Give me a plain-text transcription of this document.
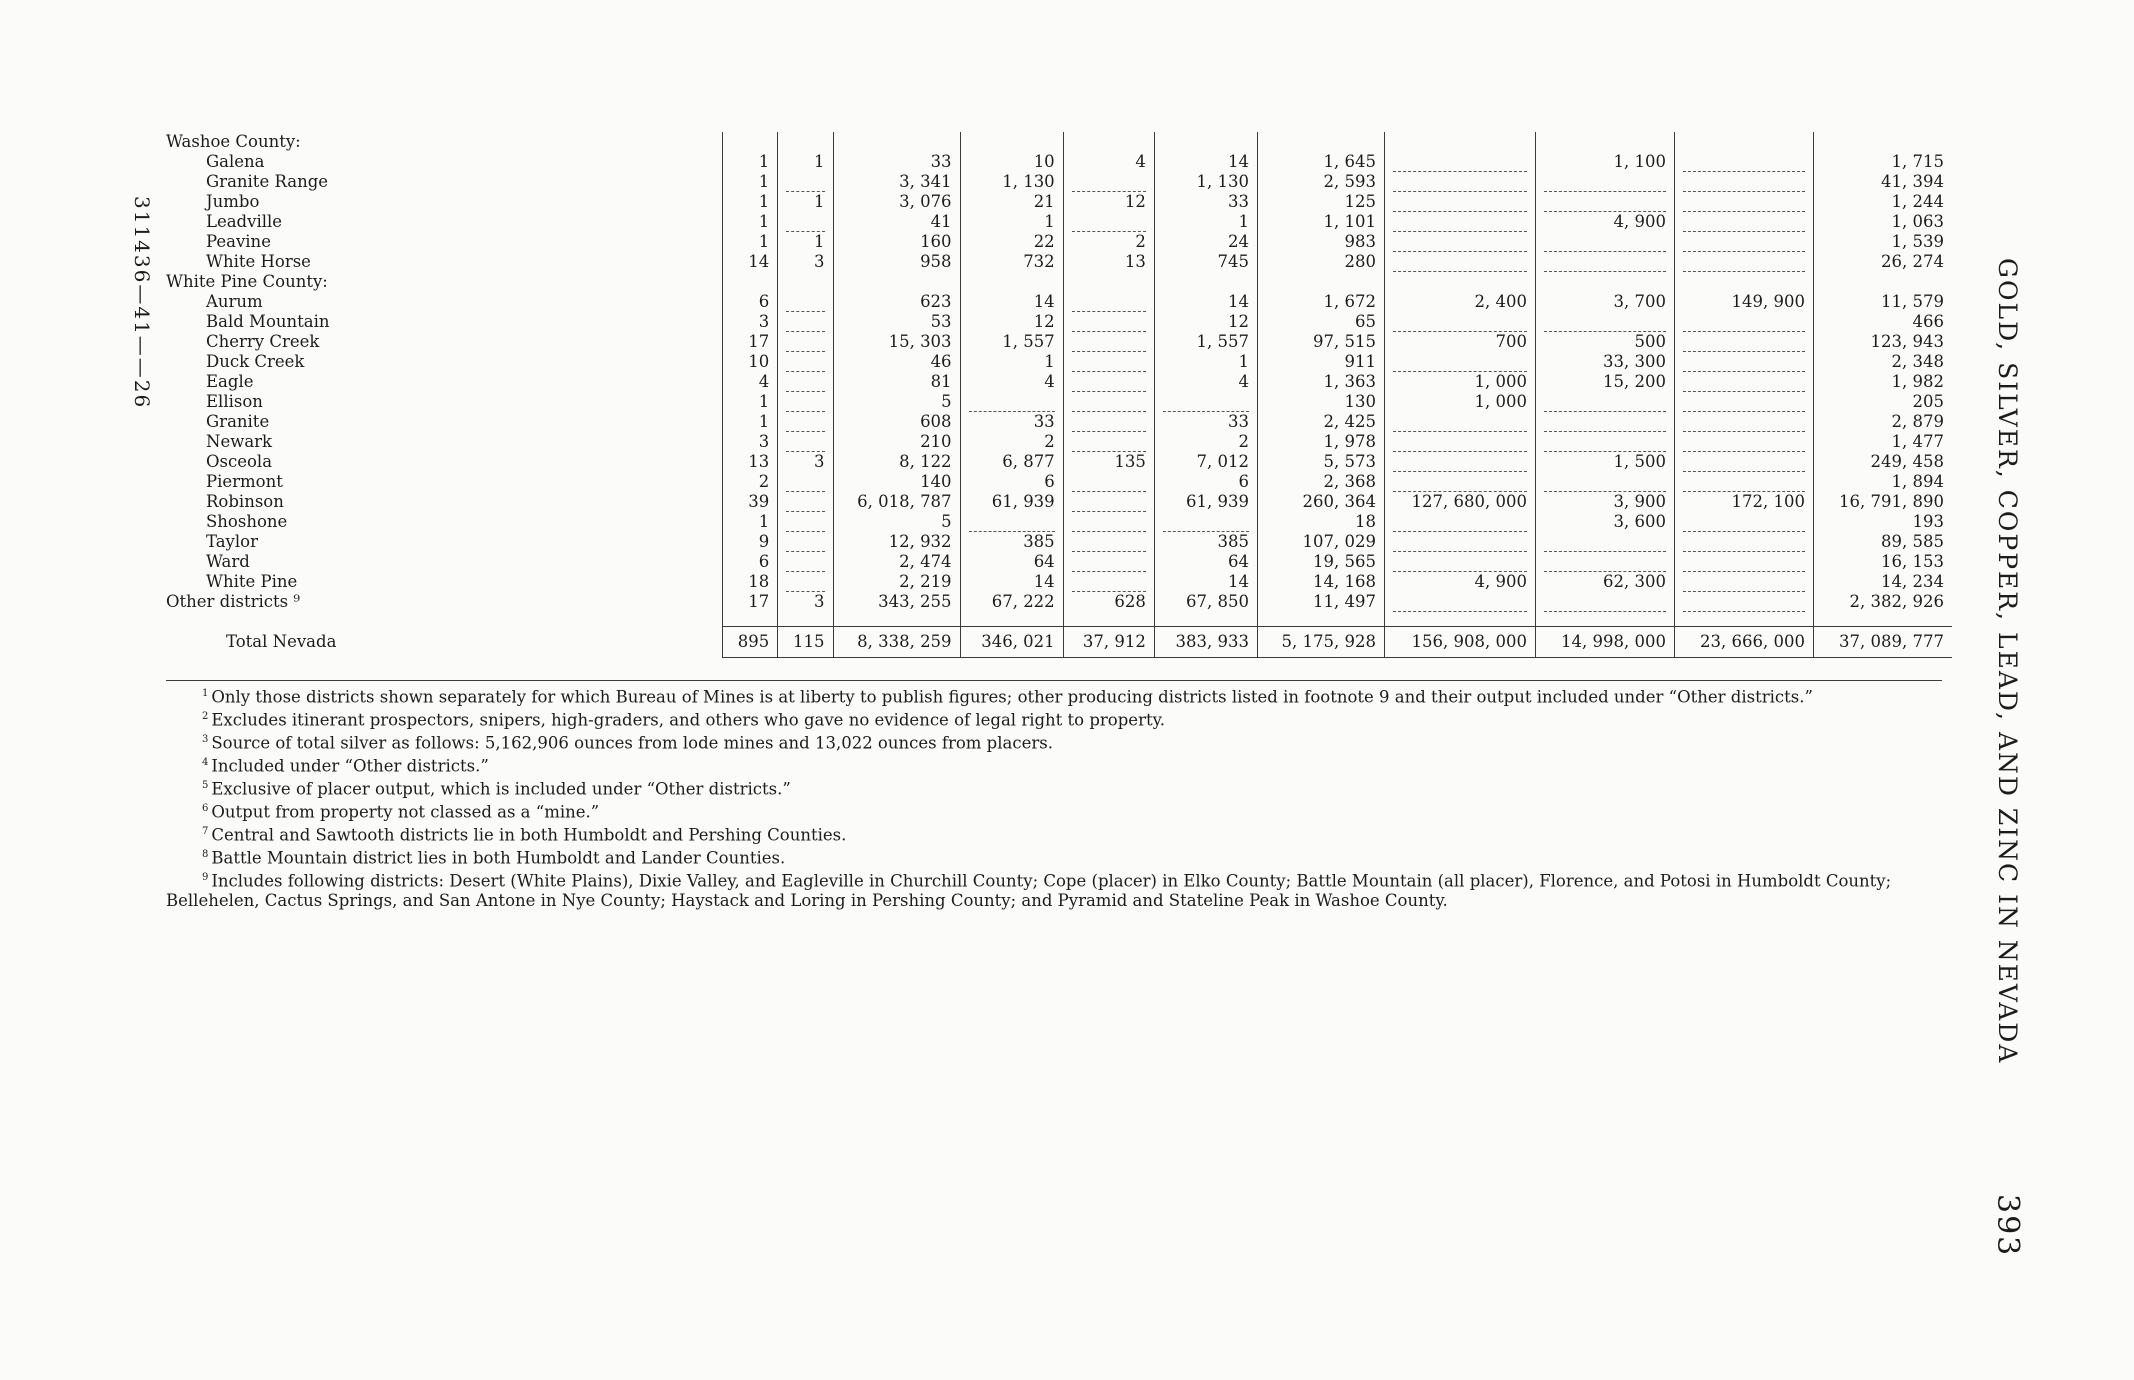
Washoe County:											
Galena	1	1	33	10	4	14	1, 645		1, 100		1, 715
Granite Range	1		3, 341	1, 130		1, 130	2, 593				41, 394
Jumbo	1	1	3, 076	21	12	33	125				1, 244
Leadville	1		41	1		1	1, 101		4, 900		1, 063
Peavine	1	1	160	22	2	24	983				1, 539
White Horse	14	3	958	732	13	745	280				26, 274
White Pine County:											
Aurum	6		623	14		14	1, 672	2, 400	3, 700	149, 900	11, 579
Bald Mountain	3		53	12		12	65				466
Cherry Creek	17		15, 303	1, 557		1, 557	97, 515	700	500		123, 943
Duck Creek	10		46	1		1	911		33, 300		2, 348
Eagle	4		81	4		4	1, 363	1, 000	15, 200		1, 982
Ellison	1		5				130	1, 000			205
Granite	1		608	33		33	2, 425				2, 879
Newark	3		210	2		2	1, 978				1, 477
Osceola	13	3	8, 122	6, 877	135	7, 012	5, 573		1, 500		249, 458
Piermont	2		140	6		6	2, 368				1, 894
Robinson	39		6, 018, 787	61, 939		61, 939	260, 364	127, 680, 000	3, 900	172, 100	16, 791, 890
Shoshone	1		5				18		3, 600		193
Taylor	9		12, 932	385		385	107, 029				89, 585
Ward	6		2, 474	64		64	19, 565				16, 153
White Pine	18		2, 219	14		14	14, 168	4, 900	62, 300		14, 234
Other districts ⁹	17	3	343, 255	67, 222	628	67, 850	11, 497				2, 382, 926

Total Nevada	895	115	8, 338, 259	346, 021	37, 912	383, 933	5, 175, 928	156, 908, 000	14, 998, 000	23, 666, 000	37, 089, 777

$^1$ Only those districts shown separately for which Bureau of Mines is at liberty to publish figures; other producing districts listed in footnote 9 and their output included under “Other districts.”

$^2$ Excludes itinerant prospectors, snipers, high-graders, and others who gave no evidence of legal right to property.

$^3$ Source of total silver as follows: 5,162,906 ounces from lode mines and 13,022 ounces from placers.

$^4$ Included under “Other districts.”

$^5$ Exclusive of placer output, which is included under “Other districts.”

$^6$ Output from property not classed as a “mine.”

$^7$ Central and Sawtooth districts lie in both Humboldt and Pershing Counties.

$^8$ Battle Mountain district lies in both Humboldt and Lander Counties.

$^9$ Includes following districts: Desert (White Plains), Dixie Valley, and Eagleville in Churchill County; Cope (placer) in Elko County; Battle Mountain (all placer), Florence, and Potosi in Humboldt County; Bellehelen, Cactus Springs, and San Antone in Nye County; Haystack and Loring in Pershing County; and Pyramid and Stateline Peak in Washoe County.	GOLD, SILVER, COPPER, LEAD, AND ZINC IN NEVADA 393
311436—41——26
